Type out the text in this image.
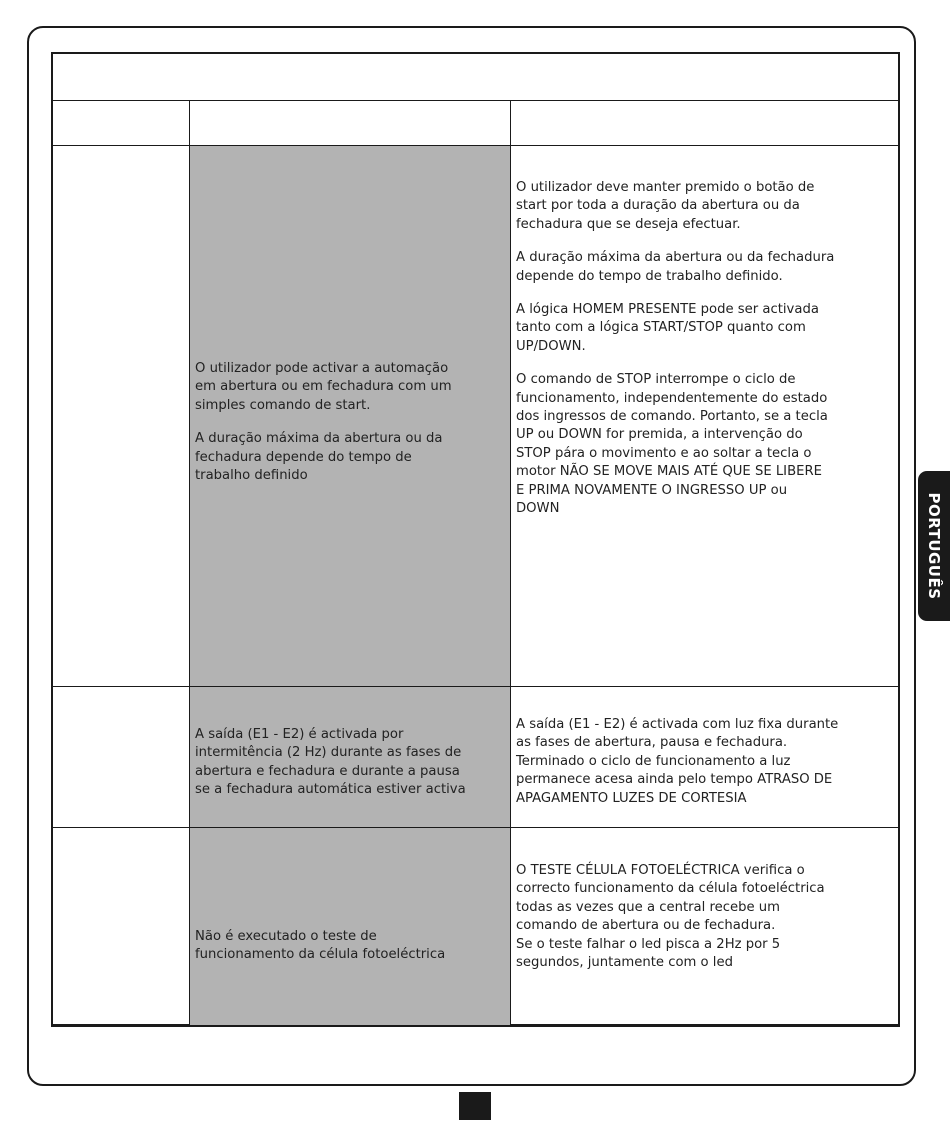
O utilizador pode activar a automação
em abertura ou em fechadura com um
simples comando de start.

A duração máxima da abertura ou da
fechadura depende do tempo de
trabalho definido

O utilizador deve manter premido o botão de
start por toda a duração da abertura ou da
fechadura que se deseja efectuar.

A duração máxima da abertura ou da fechadura
depende do tempo de trabalho definido.

A lógica HOMEM PRESENTE pode ser activada
tanto com a lógica START/STOP quanto com
UP/DOWN.

O comando de STOP interrompe o ciclo de
funcionamento, independentemente do estado
dos ingressos de comando. Portanto, se a tecla
UP ou DOWN for premida, a intervenção do
STOP pára o movimento e ao soltar a tecla o
motor NÃO SE MOVE MAIS ATÉ QUE SE LIBERE
E PRIMA NOVAMENTE O INGRESSO UP ou
DOWN

A saída (E1 - E2) é activada por
intermitência (2 Hz) durante as fases de
abertura e fechadura e durante a pausa
se a fechadura automática estiver activa

A saída (E1 - E2) é activada com luz fixa durante
as fases de abertura, pausa e fechadura.
Terminado o ciclo de funcionamento a luz
permanece acesa ainda pelo tempo ATRASO DE
APAGAMENTO LUZES DE CORTESIA

Não é executado o teste de
funcionamento da célula fotoeléctrica

O TESTE CÉLULA FOTOELÉCTRICA verifica o
correcto funcionamento da célula fotoeléctrica
todas as vezes que a central recebe um
comando de abertura ou de fechadura.
Se o teste falhar o led pisca a 2Hz por 5
segundos, juntamente com o led

PORTUGUÊS
